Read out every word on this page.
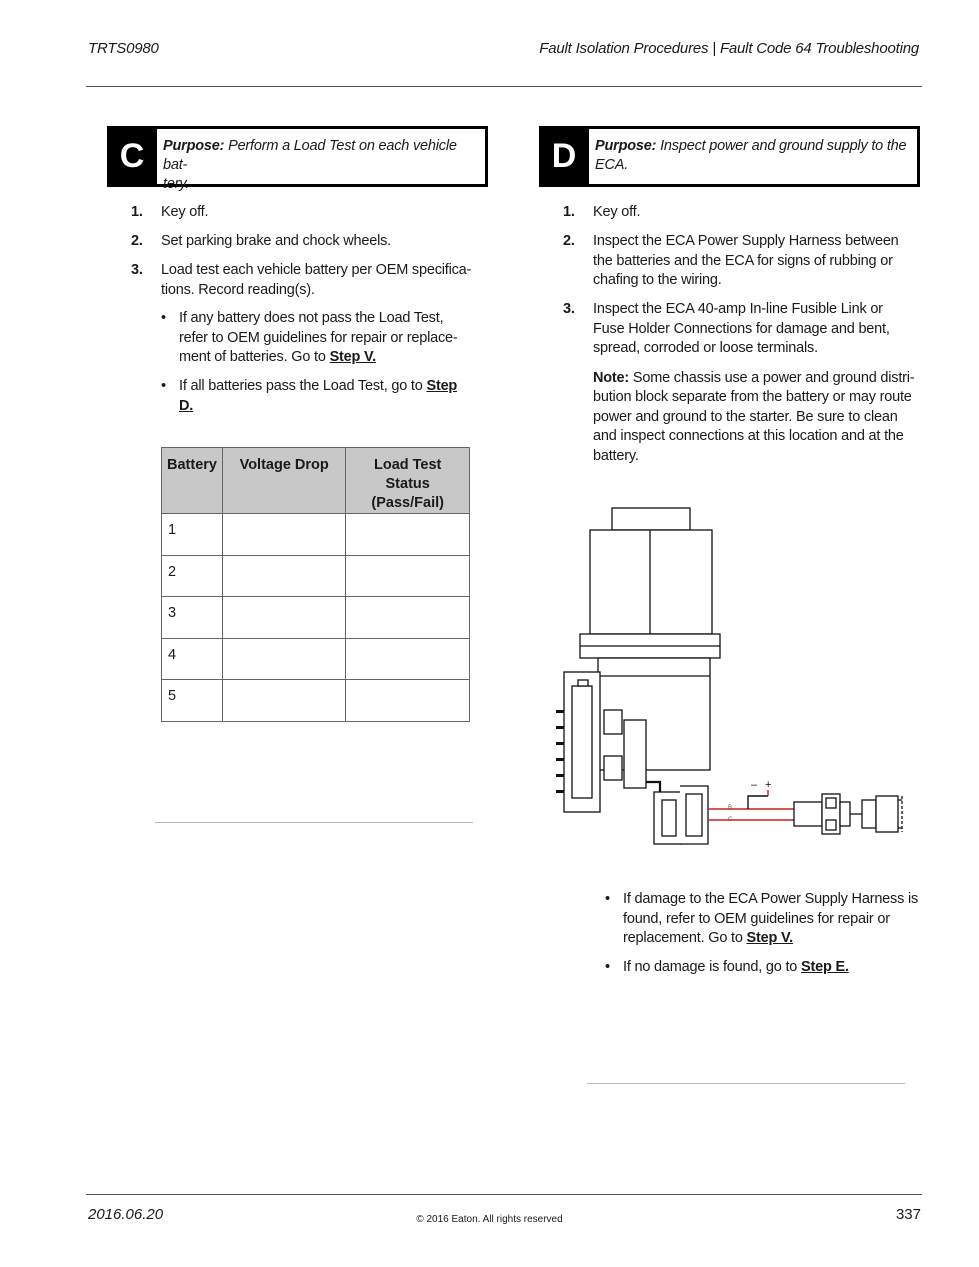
TRTS0980	Fault Isolation Procedures | Fault Code 64 Troubleshooting
C	Purpose: Perform a Load Test on each vehicle bat-
tery.
1. Key off.
2. Set parking brake and chock wheels.
3. Load test each vehicle battery per OEM specifica-
tions. Record reading(s).
• If any battery does not pass the Load Test,
refer to OEM guidelines for repair or replace-
ment of batteries. Go to Step V.
• If all batteries pass the Load Test, go to Step
D.
Battery	Voltage Drop	Load Test Status (Pass/Fail)
1		
2		
3		
4		
5		
D	Purpose: Inspect power and ground supply to the
ECA.
1. Key off.
2. Inspect the ECA Power Supply Harness between
the batteries and the ECA for signs of rubbing or
chafing to the wiring.
3. Inspect the ECA 40-amp In-line Fusible Link or
Fuse Holder Connections for damage and bent,
spread, corroded or loose terminals.
Note: Some chassis use a power and ground distri-
bution block separate from the battery or may route
power and ground to the starter. Be sure to clean
and inspect connections at this location and at the
battery.
– +
B
C
• If damage to the ECA Power Supply Harness is
found, refer to OEM guidelines for repair or
replacement. Go to Step V.
• If no damage is found, go to Step E.
2016.06.20	© 2016 Eaton. All rights reserved	337
